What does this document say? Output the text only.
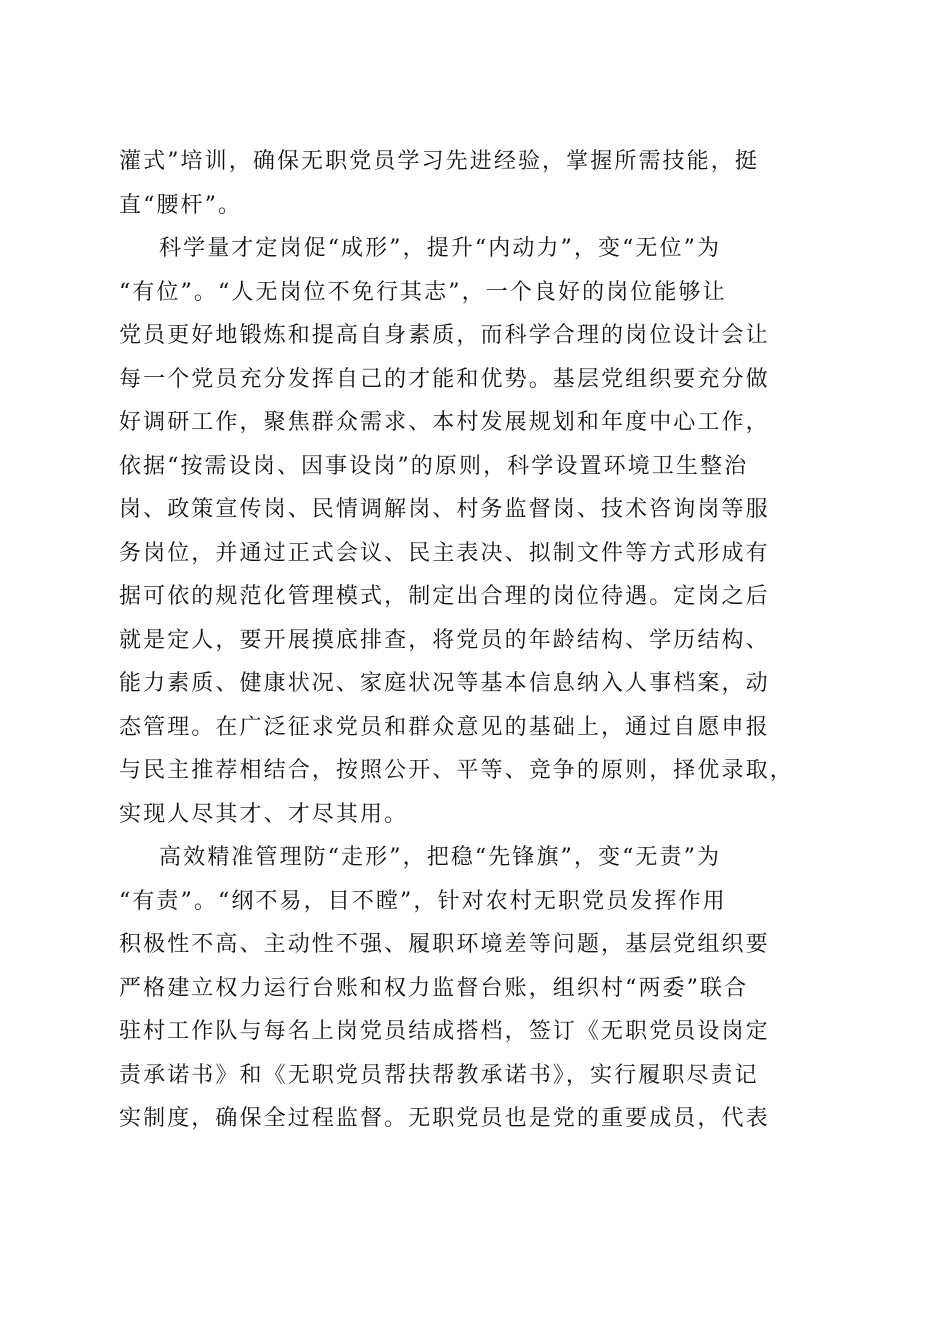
灌式”培训，确保无职党员学习先进经验，掌握所需技能，挺
直“腰杆”。
科学量才定岗促“成形”，提升“内动力”，变“无位”为
“有位”。“人无岗位不免行其志”，一个良好的岗位能够让
党员更好地锻炼和提高自身素质，而科学合理的岗位设计会让
每一个党员充分发挥自己的才能和优势。基层党组织要充分做
好调研工作，聚焦群众需求、本村发展规划和年度中心工作，
依据“按需设岗、因事设岗”的原则，科学设置环境卫生整治
岗、政策宣传岗、民情调解岗、村务监督岗、技术咨询岗等服
务岗位，并通过正式会议、民主表决、拟制文件等方式形成有
据可依的规范化管理模式，制定出合理的岗位待遇。定岗之后
就是定人，要开展摸底排查，将党员的年龄结构、学历结构、
能力素质、健康状况、家庭状况等基本信息纳入人事档案，动
态管理。在广泛征求党员和群众意见的基础上，通过自愿申报
与民主推荐相结合，按照公开、平等、竞争的原则，择优录取，
实现人尽其才、才尽其用。
高效精准管理防“走形”，把稳“先锋旗”，变“无责”为
“有责”。“纲不易，目不瞠”，针对农村无职党员发挥作用
积极性不高、主动性不强、履职环境差等问题，基层党组织要
严格建立权力运行台账和权力监督台账，组织村“两委”联合
驻村工作队与每名上岗党员结成搭档，签订《无职党员设岗定
责承诺书》和《无职党员帮扶帮教承诺书》，实行履职尽责记
实制度，确保全过程监督。无职党员也是党的重要成员，代表
